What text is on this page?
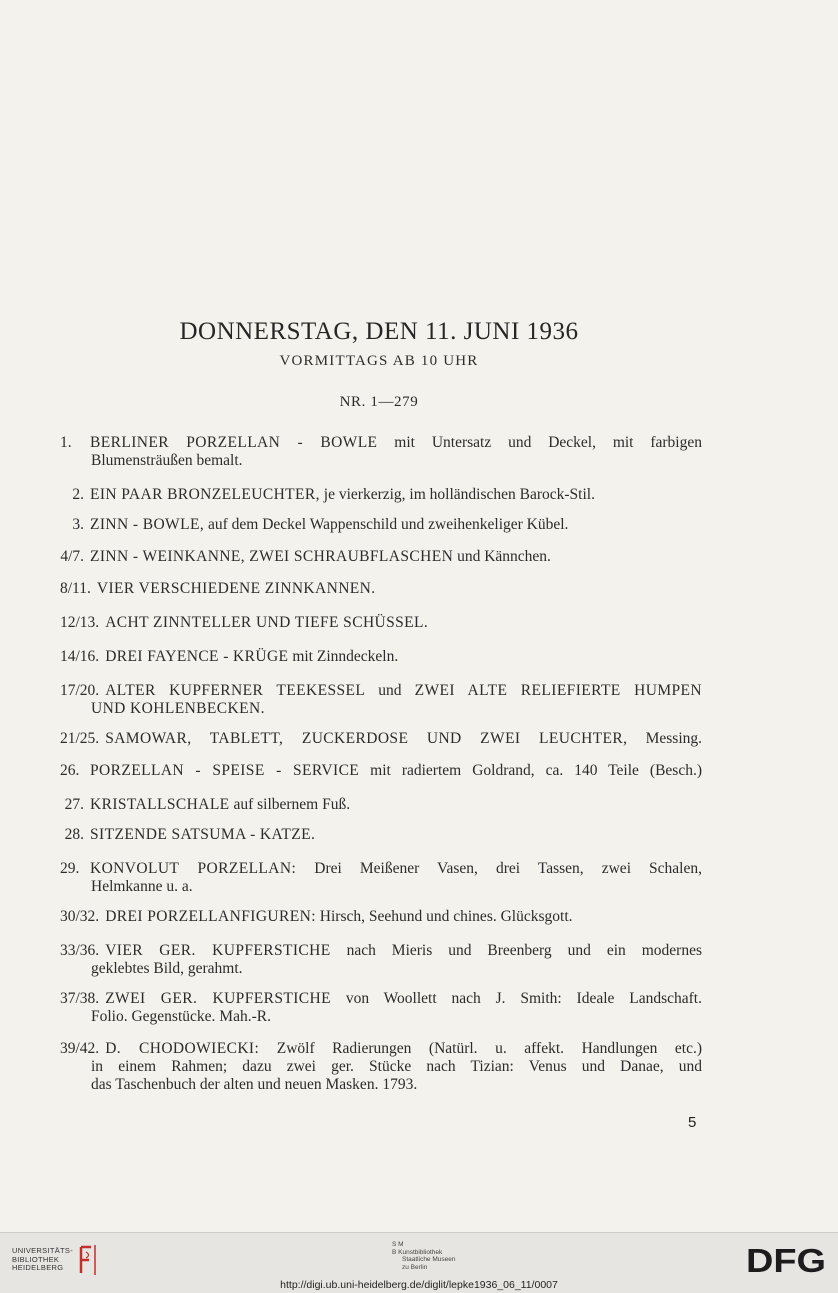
DONNERSTAG, DEN 11. JUNI 1936
VORMITTAGS AB 10 UHR
NR. 1—279
1. BERLINER PORZELLAN - BOWLE mit Untersatz und Deckel, mit farbigen
Blumensträußen bemalt.
2. EIN PAAR BRONZELEUCHTER, je vierkerzig, im holländischen Barock-Stil.
3. ZINN - BOWLE, auf dem Deckel Wappenschild und zweihenkeliger Kübel.
4/7. ZINN - WEINKANNE, ZWEI SCHRAUBFLASCHEN und Kännchen.
8/11. VIER VERSCHIEDENE ZINNKANNEN.
12/13. ACHT ZINNTELLER UND TIEFE SCHÜSSEL.
14/16. DREI FAYENCE - KRÜGE mit Zinndeckeln.
17/20. ALTER KUPFERNER TEEKESSEL und ZWEI ALTE RELIEFIERTE HUMPEN
UND KOHLENBECKEN.
21/25. SAMOWAR, TABLETT, ZUCKERDOSE UND ZWEI LEUCHTER, Messing.
26. PORZELLAN - SPEISE - SERVICE mit radiertem Goldrand, ca. 140 Teile (Besch.)
27. KRISTALLSCHALE auf silbernem Fuß.
28. SITZENDE SATSUMA - KATZE.
29. KONVOLUT PORZELLAN: Drei Meißener Vasen, drei Tassen, zwei Schalen,
Helmkanne u. a.
30/32. DREI PORZELLANFIGUREN: Hirsch, Seehund und chines. Glücksgott.
33/36. VIER GER. KUPFERSTICHE nach Mieris und Breenberg und ein modernes
geklebtes Bild, gerahmt.
37/38. ZWEI GER. KUPFERSTICHE von Woollett nach J. Smith: Ideale Landschaft.
Folio. Gegenstücke. Mah.-R.
39/42. D. CHODOWIECKI: Zwölf Radierungen (Natürl. u. affekt. Handlungen etc.)
in einem Rahmen; dazu zwei ger. Stücke nach Tizian: Venus und Danae, und
das Taschenbuch der alten und neuen Masken. 1793.
5
UNIVERSITÄTS-
BIBLIOTHEK
HEIDELBERG
S M
B Kunstbibliothek
Staatliche Museen
zu Berlin	DFG
http://digi.ub.uni-heidelberg.de/diglit/lepke1936_06_11/0007
